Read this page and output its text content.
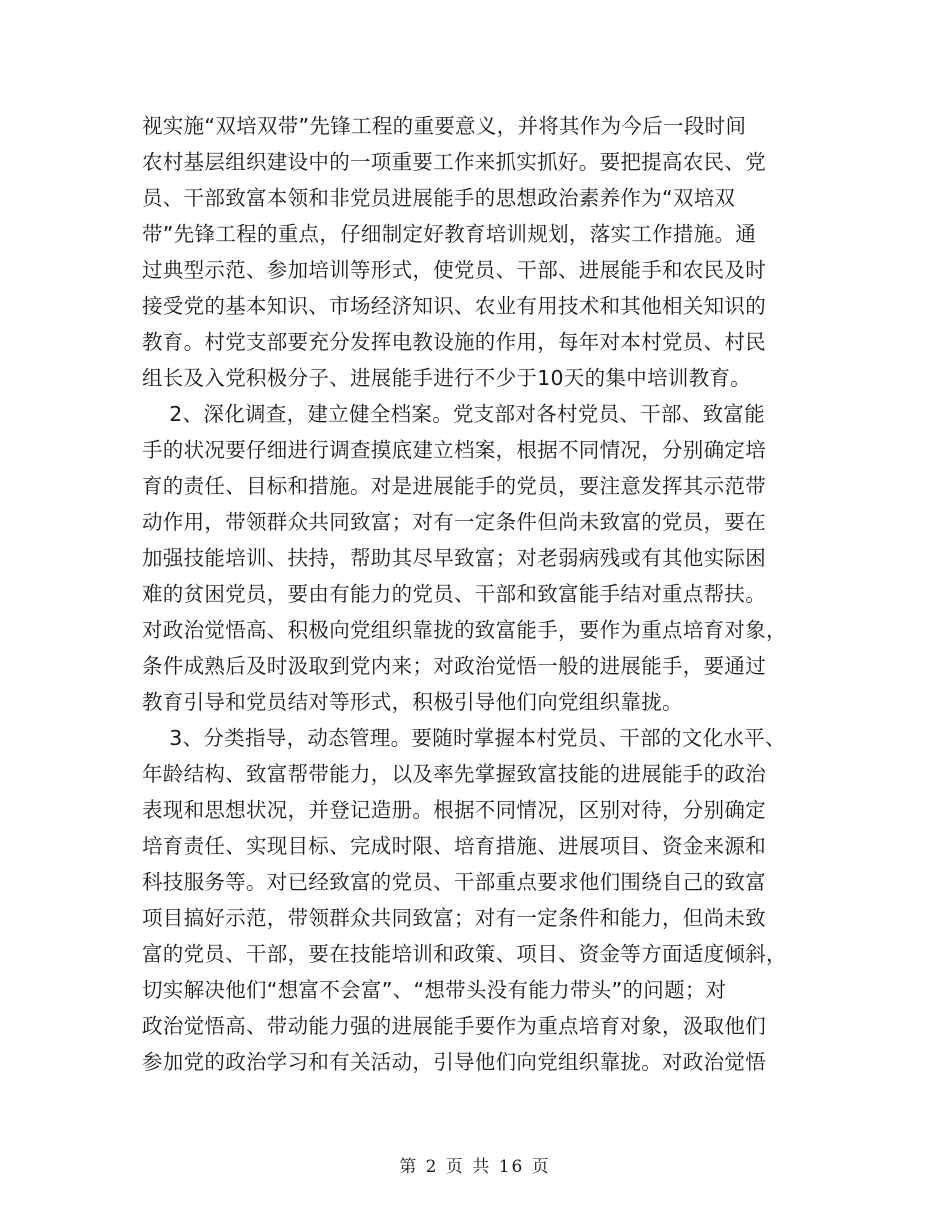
视实施“双培双带”先锋工程的重要意义，并将其作为今后一段时间
农村基层组织建设中的一项重要工作来抓实抓好。要把提高农民、党
员、干部致富本领和非党员进展能手的思想政治素养作为“双培双
带”先锋工程的重点，仔细制定好教育培训规划，落实工作措施。通
过典型示范、参加培训等形式，使党员、干部、进展能手和农民及时
接受党的基本知识、市场经济知识、农业有用技术和其他相关知识的
教育。村党支部要充分发挥电教设施的作用，每年对本村党员、村民
组长及入党积极分子、进展能手进行不少于10天的集中培训教育。
2、深化调查，建立健全档案。党支部对各村党员、干部、致富能
手的状况要仔细进行调查摸底建立档案，根据不同情况，分别确定培
育的责任、目标和措施。对是进展能手的党员，要注意发挥其示范带
动作用，带领群众共同致富；对有一定条件但尚未致富的党员，要在
加强技能培训、扶持，帮助其尽早致富；对老弱病残或有其他实际困
难的贫困党员，要由有能力的党员、干部和致富能手结对重点帮扶。
对政治觉悟高、积极向党组织靠拢的致富能手，要作为重点培育对象，
条件成熟后及时汲取到党内来；对政治觉悟一般的进展能手，要通过
教育引导和党员结对等形式，积极引导他们向党组织靠拢。
3、分类指导，动态管理。要随时掌握本村党员、干部的文化水平、
年龄结构、致富帮带能力，以及率先掌握致富技能的进展能手的政治
表现和思想状况，并登记造册。根据不同情况，区别对待，分别确定
培育责任、实现目标、完成时限、培育措施、进展项目、资金来源和
科技服务等。对已经致富的党员、干部重点要求他们围绕自己的致富
项目搞好示范，带领群众共同致富；对有一定条件和能力，但尚未致
富的党员、干部，要在技能培训和政策、项目、资金等方面适度倾斜，
切实解决他们“想富不会富”、“想带头没有能力带头”的问题；对
政治觉悟高、带动能力强的进展能手要作为重点培育对象，汲取他们
参加党的政治学习和有关活动，引导他们向党组织靠拢。对政治觉悟
第 2 页 共 16 页
